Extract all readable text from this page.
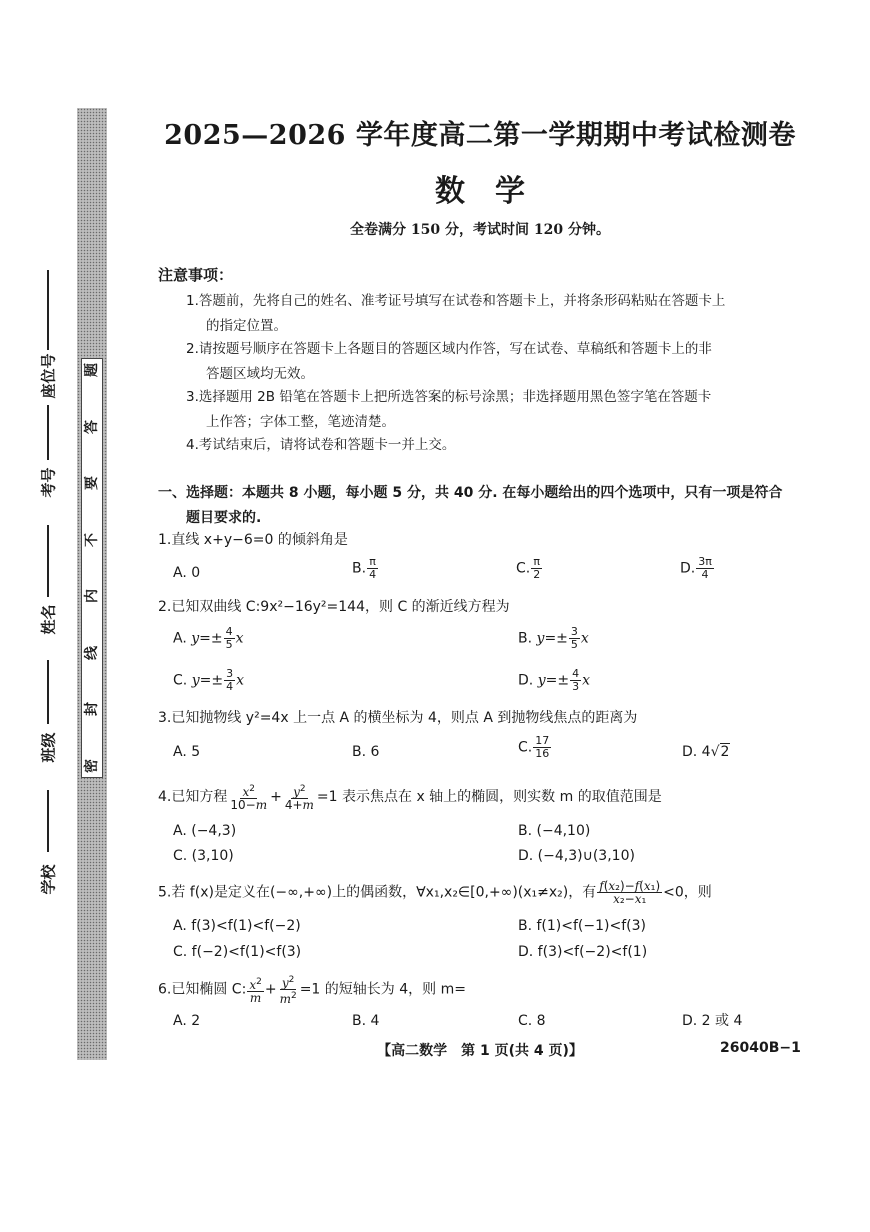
题
答
要
不
内
线
封
密
学校
班级
姓名
考号
座位号
2025—2026 学年度高二第一学期期中考试检测卷
数学
全卷满分 150 分，考试时间 120 分钟。
注意事项：
1.答题前，先将自己的姓名、准考证号填写在试卷和答题卡上，并将条形码粘贴在答题卡上
的指定位置。
2.请按题号顺序在答题卡上各题目的答题区域内作答，写在试卷、草稿纸和答题卡上的非
答题区域均无效。
3.选择题用 2B 铅笔在答题卡上把所选答案的标号涂黑；非选择题用黑色签字笔在答题卡
上作答；字体工整，笔迹清楚。
4.考试结束后，请将试卷和答题卡一并上交。
一、选择题：本题共 8 小题，每小题 5 分，共 40 分. 在每小题给出的四个选项中，只有一项是符合
题目要求的.
1.直线 x+y−6=0 的倾斜角是
A. 0	B. $\frac{\pi}{4}$	C. $\frac{\pi}{2}$	D. $\frac{3\pi}{4}$
2.已知双曲线 C:9x²−16y²=144，则 C 的渐近线方程为
A. $y=\pm \frac{4}{5}$ x	B. $y=\pm \frac{3}{5}$ x
C. $y=\pm \frac{3}{4}$ x	D. $y=\pm \frac{4}{3}$ x
3.已知抛物线 y²=4x 上一点 A 的横坐标为 4，则点 A 到抛物线焦点的距离为
A. 5	B. 6	C. $\frac{17}{16}$	D. 4√2
4.已知方程 $\frac{x^2}{10-m} + \frac{y^2}{4+m} =1$ 表示焦点在 x 轴上的椭圆，则实数 m 的取值范围是
A. (−4,3)	B. (−4,10)
C. (3,10)	D. (−4,3)∪(3,10)
5.若 f(x)是定义在(−∞,+∞)上的偶函数，∀x₁,x₂∈[0,+∞)(x₁≠x₂)，有 $\frac{\text{f(x₂)−f(x₁)}}{\text{x₂−x₁}} <0$，则
A. f(3)<f(1)<f(−2)	B. f(1)<f(−1)<f(3)
C. f(−2)<f(1)<f(3)	D. f(3)<f(−2)<f(1)
6.已知椭圆 C: $\frac{x^2}{m} + \frac{y^2}{m^2} =1$ 的短轴长为 4，则 m=
A. 2	B. 4	C. 8	D. 2 或 4
【高二数学　第 1 页(共 4 页)】	26040B−1
